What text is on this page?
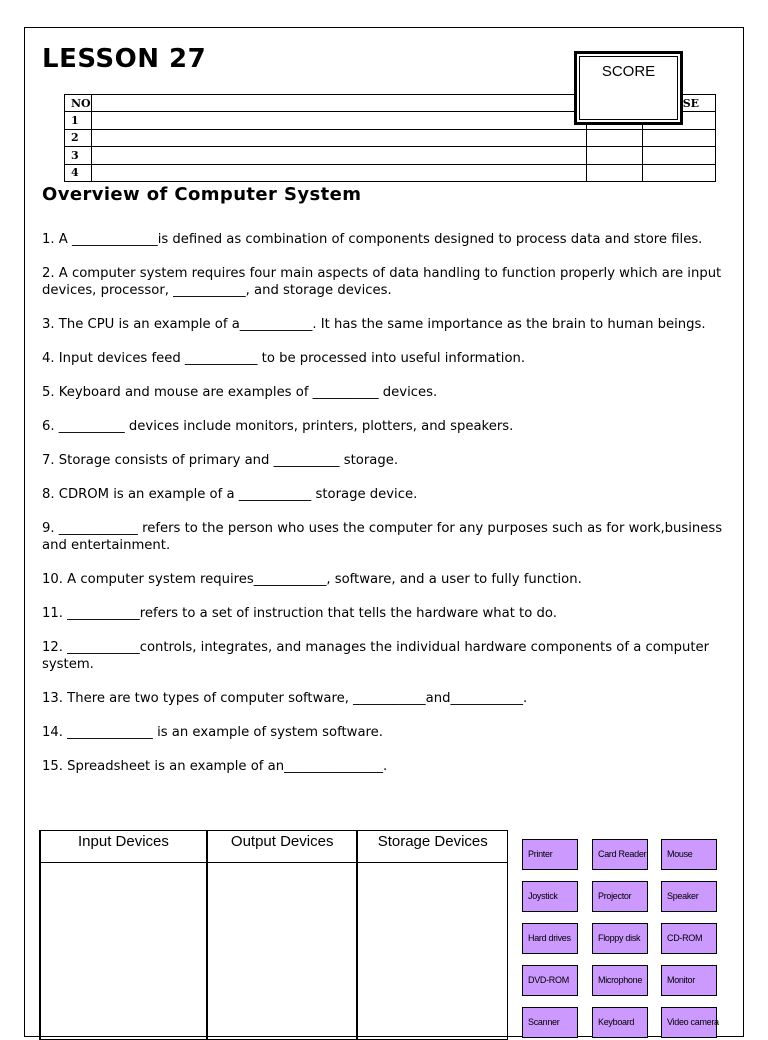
LESSON 27
NO			SE
1			
2			
3			
4			
SCORE
Overview of Computer System
1. A _____________is defined as combination of components designed to process data and store files.
2. A computer system requires four main aspects of data handling to function properly which are input devices, processor, ___________, and storage devices.
3. The CPU is an example of a___________. It has the same importance as the brain to human beings.
4. Input devices feed ___________ to be processed into useful information.
5. Keyboard and mouse are examples of __________ devices.
6. __________ devices include monitors, printers, plotters, and speakers.
7. Storage consists of primary and __________ storage.
8. CDROM is an example of a ___________ storage device.
9. ____________ refers to the person who uses the computer for any purposes such as for work,business and entertainment.
10. A computer system requires___________, software, and a user to fully function.
11. ___________refers to a set of instruction that tells the hardware what to do.
12. ___________controls, integrates, and manages the individual hardware components of a computer system.
13. There are two types of computer software, ___________and___________.
14. _____________ is an example of system software.
15. Spreadsheet is an example of an_______________.
Input Devices	Output Devices	Storage Devices

Printer	Card Reader	Mouse
Joystick	Projector	Speaker
Hard drives	Floppy disk	CD-ROM
DVD-ROM	Microphone	Monitor
Scanner	Keyboard	Video camera
